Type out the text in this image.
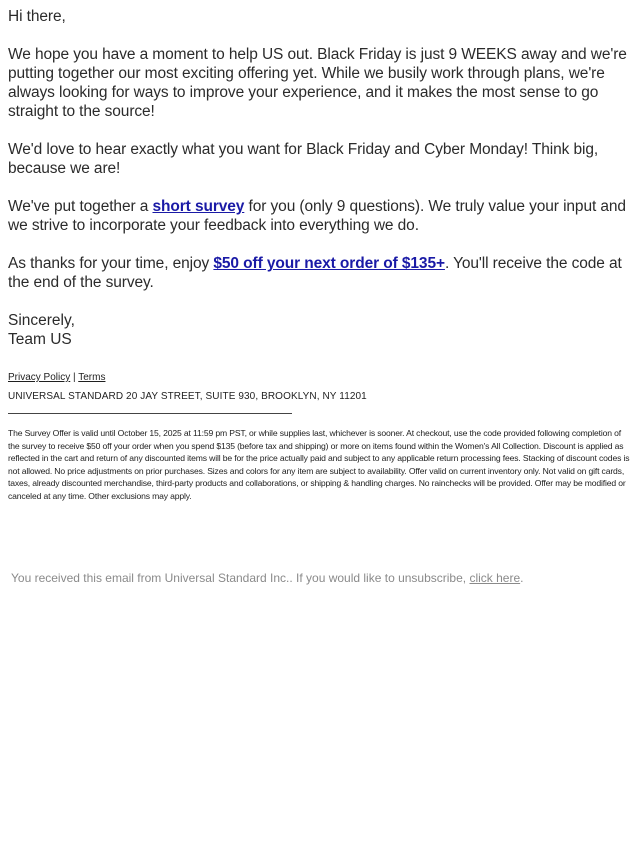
Hi there,

We hope you have a moment to help US out. Black Friday is just 9 WEEKS away and we're putting together our most exciting offering yet. While we busily work through plans, we're always looking for ways to improve your experience, and it makes the most sense to go straight to the source!

We'd love to hear exactly what you want for Black Friday and Cyber Monday! Think big, because we are!

We've put together a short survey for you (only 9 questions). We truly value your input and we strive to incorporate your feedback into everything we do.

As thanks for your time, enjoy $50 off your next order of $135+. You'll receive the code at the end of the survey.

Sincerely,

Team US

Privacy Policy | Terms
UNIVERSAL STANDARD 20 JAY STREET, SUITE 930, BROOKLYN, NY 11201
The Survey Offer is valid until October 15, 2025 at 11:59 pm PST, or while supplies last, whichever is sooner. At checkout, use the code provided following completion of the survey to receive $50 off your order when you spend $135 (before tax and shipping) or more on items found within the Women's All Collection. Discount is applied as reflected in the cart and return of any discounted items will be for the price actually paid and subject to any applicable return processing fees. Stacking of discount codes is not allowed. No price adjustments on prior purchases. Sizes and colors for any item are subject to availability. Offer valid on current inventory only. Not valid on gift cards, taxes, already discounted merchandise, third-party products and collaborations, or shipping & handling charges. No rainchecks will be provided. Offer may be modified or canceled at any time. Other exclusions may apply.
You received this email from Universal Standard Inc.. If you would like to unsubscribe, click here.
